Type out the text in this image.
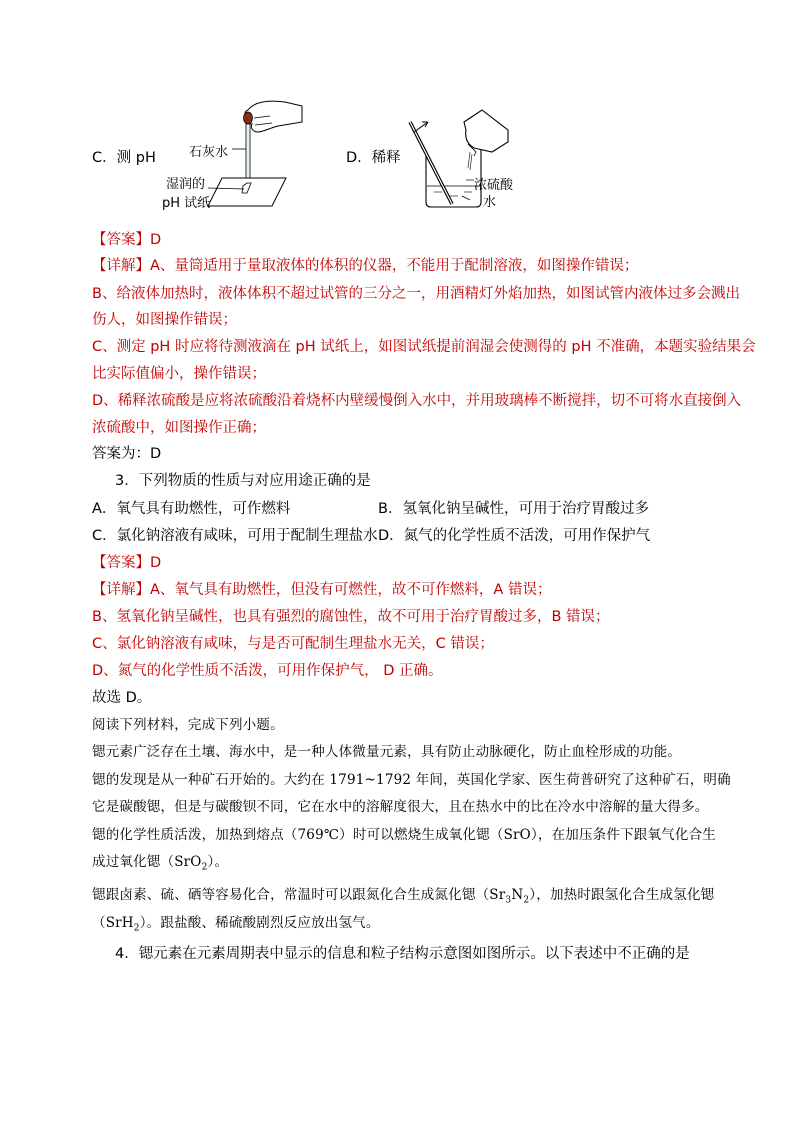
C．测 pH	石灰水
湿润的
pH 试纸
D．稀释
浓硫酸
水
【答案】D
【详解】A、量筒适用于量取液体的体积的仪器，不能用于配制溶液，如图操作错误；
B、给液体加热时，液体体积不超过试管的三分之一，用酒精灯外焰加热，如图试管内液体过多会溅出
伤人，如图操作错误；
C、测定 pH 时应将待测液滴在 pH 试纸上，如图试纸提前润湿会使测得的 pH 不准确，本题实验结果会
比实际值偏小，操作错误；
D、稀释浓硫酸是应将浓硫酸沿着烧杯内壁缓慢倒入水中，并用玻璃棒不断搅拌，切不可将水直接倒入
浓硫酸中，如图操作正确；
答案为：D
3．下列物质的性质与对应用途正确的是
A．氧气具有助燃性，可作燃料	B．氢氧化钠呈碱性，可用于治疗胃酸过多
C．氯化钠溶液有咸味，可用于配制生理盐水 D．氮气的化学性质不活泼，可用作保护气
【答案】D
【详解】A、氧气具有助燃性，但没有可燃性，故不可作燃料，A 错误；
B、氢氧化钠呈碱性，也具有强烈的腐蚀性，故不可用于治疗胃酸过多，B 错误；
C、氯化钠溶液有咸味，与是否可配制生理盐水无关，C 错误；
D、氮气的化学性质不活泼，可用作保护气， D 正确。
故选 D。
阅读下列材料，完成下列小题。
锶元素广泛存在土壤、海水中，是一种人体微量元素，具有防止动脉硬化，防止血栓形成的功能。
锶的发现是从一种矿石开始的。大约在 1791~1792 年间，英国化学家、医生荷普研究了这种矿石，明确
它是碳酸锶，但是与碳酸钡不同，它在水中的溶解度很大，且在热水中的比在冷水中溶解的量大得多。
锶的化学性质活泼，加热到熔点（769℃）时可以燃烧生成氧化锶（SrO），在加压条件下跟氧气化合生
成过氧化锶（SrO$_2$）。
锶跟卤素、硫、硒等容易化合，常温时可以跟氮化合生成氮化锶$(Sr_3N_2)$，加热时跟氢化合生成氢化锶
（SrH$_2$）。跟盐酸、稀硫酸剧烈反应放出氢气。
4．锶元素在元素周期表中显示的信息和粒子结构示意图如图所示。以下表述中不正确的是
